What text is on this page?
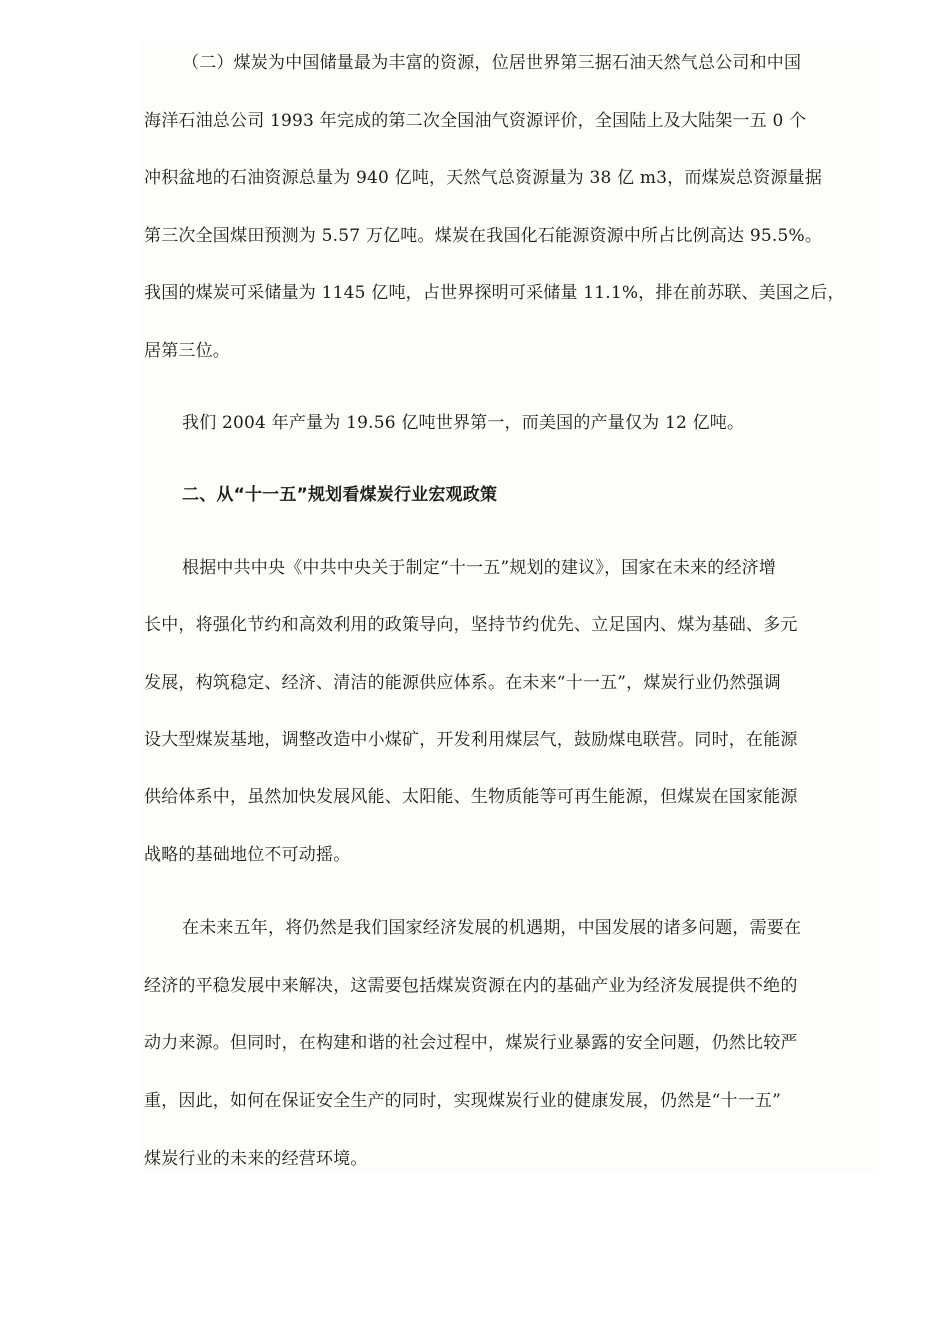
（二）煤炭为中国储量最为丰富的资源，位居世界第三据石油天然气总公司和中国
海洋石油总公司 1993 年完成的第二次全国油气资源评价，全国陆上及大陆架一五 0 个
冲积盆地的石油资源总量为 940 亿吨，天然气总资源量为 38 亿 m3，而煤炭总资源量据
第三次全国煤田预测为 5.57 万亿吨。煤炭在我国化石能源资源中所占比例高达 95.5%。
我国的煤炭可采储量为 1145 亿吨，占世界探明可采储量 11.1%，排在前苏联、美国之后，
居第三位。
我们 2004 年产量为 19.56 亿吨世界第一，而美国的产量仅为 12 亿吨。
二、从“十一五”规划看煤炭行业宏观政策
根据中共中央《中共中央关于制定“十一五”规划的建议》，国家在未来的经济增
长中，将强化节约和高效利用的政策导向，坚持节约优先、立足国内、煤为基础、多元
发展，构筑稳定、经济、清洁的能源供应体系。在未来“十一五”，煤炭行业仍然强调
设大型煤炭基地，调整改造中小煤矿，开发利用煤层气，鼓励煤电联营。同时，在能源
供给体系中，虽然加快发展风能、太阳能、生物质能等可再生能源，但煤炭在国家能源
战略的基础地位不可动摇。
在未来五年，将仍然是我们国家经济发展的机遇期，中国发展的诸多问题，需要在
经济的平稳发展中来解决，这需要包括煤炭资源在内的基础产业为经济发展提供不绝的
动力来源。但同时，在构建和谐的社会过程中，煤炭行业暴露的安全问题，仍然比较严
重，因此，如何在保证安全生产的同时，实现煤炭行业的健康发展，仍然是“十一五”
煤炭行业的未来的经营环境。
